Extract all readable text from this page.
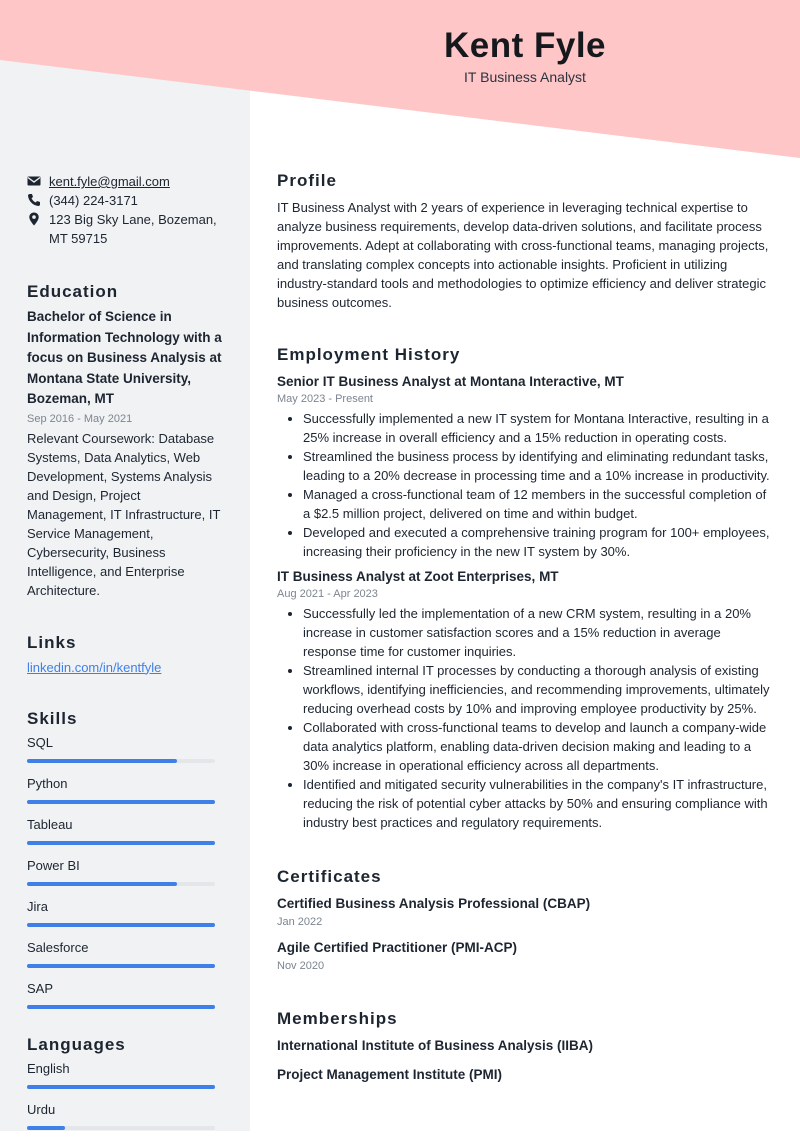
Kent Fyle
IT Business Analyst
kent.fyle@gmail.com
(344) 224-3171
123 Big Sky Lane, Bozeman, MT 59715
Education
Bachelor of Science in Information Technology with a focus on Business Analysis at Montana State University, Bozeman, MT
Sep 2016 - May 2021
Relevant Coursework: Database Systems, Data Analytics, Web Development, Systems Analysis and Design, Project Management, IT Infrastructure, IT Service Management, Cybersecurity, Business Intelligence, and Enterprise Architecture.
Links
linkedin.com/in/kentfyle
Skills
SQL
Python
Tableau
Power BI
Jira
Salesforce
SAP
Languages
English
Urdu
Profile
IT Business Analyst with 2 years of experience in leveraging technical expertise to analyze business requirements, develop data-driven solutions, and facilitate process improvements. Adept at collaborating with cross-functional teams, managing projects, and translating complex concepts into actionable insights. Proficient in utilizing industry-standard tools and methodologies to optimize efficiency and deliver strategic business outcomes.
Employment History
Senior IT Business Analyst at Montana Interactive, MT
May 2023 - Present
• Successfully implemented a new IT system for Montana Interactive, resulting in a 25% increase in overall efficiency and a 15% reduction in operating costs.
• Streamlined the business process by identifying and eliminating redundant tasks, leading to a 20% decrease in processing time and a 10% increase in productivity.
• Managed a cross-functional team of 12 members in the successful completion of a $2.5 million project, delivered on time and within budget.
• Developed and executed a comprehensive training program for 100+ employees, increasing their proficiency in the new IT system by 30%.
IT Business Analyst at Zoot Enterprises, MT
Aug 2021 - Apr 2023
• Successfully led the implementation of a new CRM system, resulting in a 20% increase in customer satisfaction scores and a 15% reduction in average response time for customer inquiries.
• Streamlined internal IT processes by conducting a thorough analysis of existing workflows, identifying inefficiencies, and recommending improvements, ultimately reducing overhead costs by 10% and improving employee productivity by 25%.
• Collaborated with cross-functional teams to develop and launch a company-wide data analytics platform, enabling data-driven decision making and leading to a 30% increase in operational efficiency across all departments.
• Identified and mitigated security vulnerabilities in the company's IT infrastructure, reducing the risk of potential cyber attacks by 50% and ensuring compliance with industry best practices and regulatory requirements.
Certificates
Certified Business Analysis Professional (CBAP)
Jan 2022
Agile Certified Practitioner (PMI-ACP)
Nov 2020
Memberships
International Institute of Business Analysis (IIBA)
Project Management Institute (PMI)
